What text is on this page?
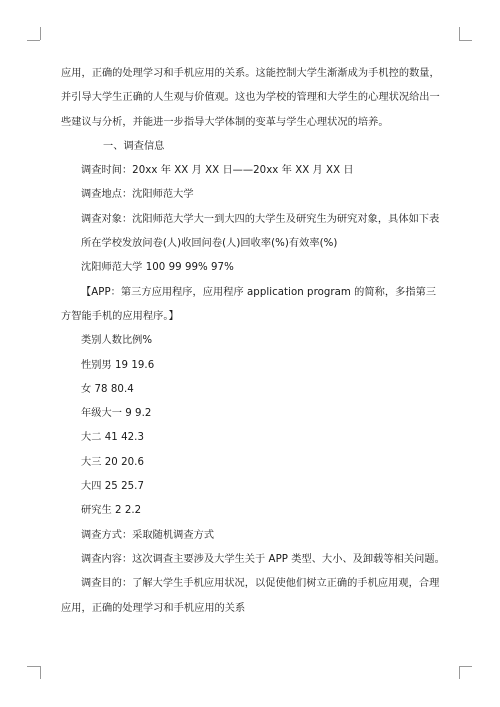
应用，正确的处理学习和手机应用的关系。这能控制大学生渐渐成为手机控的数量，
并引导大学生正确的人生观与价值观。这也为学校的管理和大学生的心理状况给出一
些建议与分析，并能进一步指导大学体制的变革与学生心理状况的培养。
一、调查信息
调查时间：20xx 年 XX 月 XX 日——20xx 年 XX 月 XX 日
调查地点：沈阳师范大学
调查对象：沈阳师范大学大一到大四的大学生及研究生为研究对象，具体如下表
所在学校发放问卷(人)收回问卷(人)回收率(%)有效率(%)
沈阳师范大学 100 99 99% 97%
【APP：第三方应用程序，应用程序 application program 的简称，多指第三
方智能手机的应用程序。】
类别人数比例%
性别男 19 19.6
女 78 80.4
年级大一 9 9.2
大二 41 42.3
大三 20 20.6
大四 25 25.7
研究生 2 2.2
调查方式：采取随机调查方式
调查内容：这次调查主要涉及大学生关于 APP 类型、大小、及卸载等相关问题。
调查目的：了解大学生手机应用状况，以促使他们树立正确的手机应用观，合理
应用，正确的处理学习和手机应用的关系
